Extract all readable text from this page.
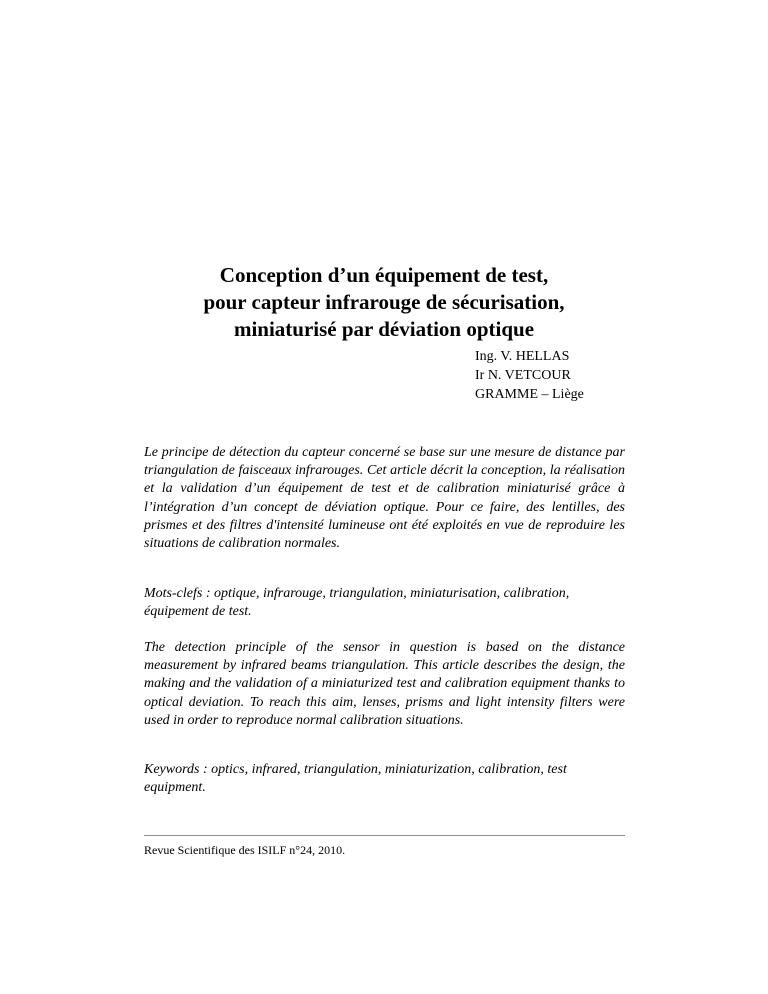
Conception d’un équipement de test,
pour capteur infrarouge de sécurisation,
miniaturisé par déviation optique
Ing. V. HELLAS
Ir N. VETCOUR
GRAMME – Liège

Le principe de détection du capteur concerné se base sur une mesure de distance par triangulation de faisceaux infrarouges. Cet article décrit la conception, la réalisation et la validation d’un équipement de test et de calibration miniaturisé grâce à l’intégration d’un concept de déviation optique. Pour ce faire, des lentilles, des prismes et des filtres d'intensité lumineuse ont été exploités en vue de reproduire les situations de calibration normales.

Mots-clefs : optique, infrarouge, triangulation, miniaturisation, calibration, équipement de test.

The detection principle of the sensor in question is based on the distance measurement by infrared beams triangulation. This article describes the design, the making and the validation of a miniaturized test and calibration equipment thanks to optical deviation. To reach this aim, lenses, prisms and light intensity filters were used in order to reproduce normal calibration situations.

Keywords : optics, infrared, triangulation, miniaturization, calibration, test equipment.

Revue Scientifique des ISILF n°24, 2010.
